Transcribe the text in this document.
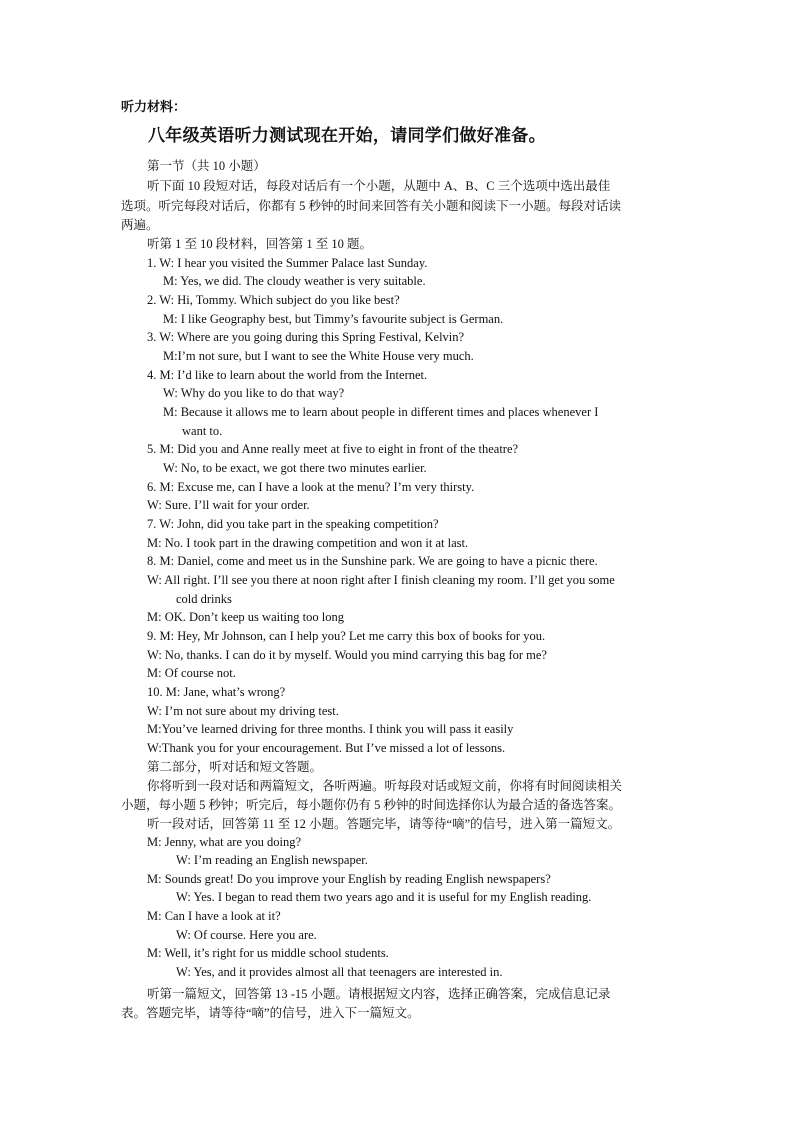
听力材料：
八年级英语听力测试现在开始，请同学们做好准备。
第一节（共 10 小题）
听下面 10 段短对话，每段对话后有一个小题，从题中 A、B、C 三个选项中选出最佳
选项。听完每段对话后，你都有 5 秒钟的时间来回答有关小题和阅读下一小题。每段对话读
两遍。
听第 1 至 10 段材料，回答第 1 至 10 题。
1. W: I hear you visited the Summer Palace last Sunday.
M: Yes, we did. The cloudy weather is very suitable.
2. W: Hi, Tommy. Which subject do you like best?
M: I like Geography best, but Timmy’s favourite subject is German.
3. W: Where are you going during this Spring Festival, Kelvin?
M:I’m not sure, but I want to see the White House very much.
4. M: I’d like to learn about the world from the Internet.
W: Why do you like to do that way?
M: Because it allows me to learn about people in different times and places whenever I
want to.
5. M: Did you and Anne really meet at five to eight in front of the theatre?
W: No, to be exact, we got there two minutes earlier.
6. M: Excuse me, can I have a look at the menu? I’m very thirsty.
W: Sure. I’ll wait for your order.
7. W: John, did you take part in the speaking competition?
M: No. I took part in the drawing competition and won it at last.
8. M: Daniel, come and meet us in the Sunshine park. We are going to have a picnic there.
W: All right. I’ll see you there at noon right after I finish cleaning my room. I’ll get you some
cold drinks
M: OK. Don’t keep us waiting too long
9. M: Hey, Mr Johnson, can I help you? Let me carry this box of books for you.
W: No, thanks. I can do it by myself. Would you mind carrying this bag for me?
M: Of course not.
10. M: Jane, what’s wrong?
W: I’m not sure about my driving test.
M:You’ve learned driving for three months. I think you will pass it easily
W:Thank you for your encouragement. But I’ve missed a lot of lessons.
第二部分，听对话和短文答题。
你将听到一段对话和两篇短文，各听两遍。听每段对话或短文前，你将有时间阅读相关
小题，每小题 5 秒钟；听完后，每小题你仍有 5 秒钟的时间选择你认为最合适的备选答案。
听一段对话，回答第 11 至 12 小题。答题完毕，请等待“嘀”的信号，进入第一篇短文。
M: Jenny, what are you doing?
W: I’m reading an English newspaper.
M: Sounds great! Do you improve your English by reading English newspapers?
W: Yes. I began to read them two years ago and it is useful for my English reading.
M: Can I have a look at it?
W: Of course. Here you are.
M: Well, it’s right for us middle school students.
W: Yes, and it provides almost all that teenagers are interested in.
听第一篇短文，回答第 13 -15 小题。请根据短文内容，选择正确答案，完成信息记录
表。答题完毕，请等待“嘀”的信号，进入下一篇短文。
